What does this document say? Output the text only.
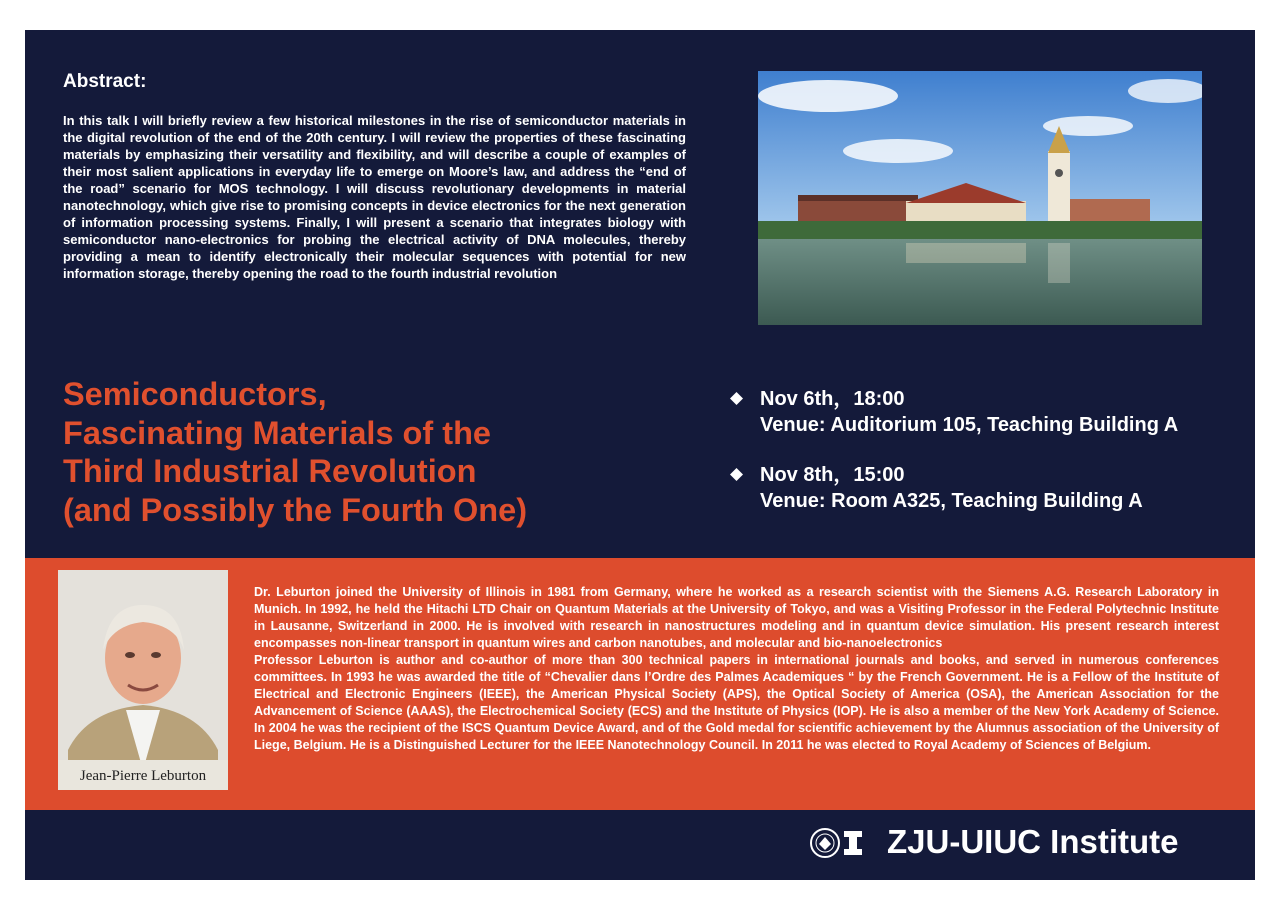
Abstract:

In this talk I will briefly review a few historical milestones in the rise of semiconductor materials in the digital revolution of the end of the 20th century. I will review the properties of these fascinating materials by emphasizing their versatility and flexibility, and will describe a couple of examples of their most salient applications in everyday life to emerge on Moore’s law, and address the “end of the road” scenario for MOS technology. I will discuss revolutionary developments in material nanotechnology, which give rise to promising concepts in device electronics for the next generation of information processing systems. Finally, I will present a scenario that integrates biology with semiconductor nano-electronics for probing the electrical activity of DNA molecules, thereby providing a mean to identify electronically their molecular sequences with potential for new information storage, thereby opening the road to the fourth industrial revolution

Semiconductors,
Fascinating Materials of the
Third Industrial Revolution
(and Possibly the Fourth One)
Nov 6th，18:00
Venue: Auditorium 105, Teaching Building A
Nov 8th，15:00
Venue: Room A325, Teaching Building A
Jean-Pierre Leburton

Dr. Leburton joined the University of Illinois in 1981 from Germany, where he worked as a research scientist with the Siemens A.G. Research Laboratory in Munich. In 1992, he held the Hitachi LTD Chair on Quantum Materials at the University of Tokyo, and was a Visiting Professor in the Federal Polytechnic Institute in Lausanne, Switzerland in 2000. He is involved with research in nanostructures modeling and in quantum device simulation. His present research interest encompasses non-linear transport in quantum wires and carbon nanotubes, and molecular and bio-nanoelectronics

Professor Leburton is author and co-author of more than 300 technical papers in international journals and books, and served in numerous conferences committees. In 1993 he was awarded the title of “Chevalier dans l’Ordre des Palmes Academiques “ by the French Government. He is a Fellow of the Institute of Electrical and Electronic Engineers (IEEE), the American Physical Society (APS), the Optical Society of America (OSA), the American Association for the Advancement of Science (AAAS), the Electrochemical Society (ECS) and the Institute of Physics (IOP). He is also a member of the New York Academy of Science. In 2004 he was the recipient of the ISCS Quantum Device Award, and of the Gold medal for scientific achievement by the Alumnus association of the University of Liege, Belgium. He is a Distinguished Lecturer for the IEEE Nanotechnology Council. In 2011 he was elected to Royal Academy of Sciences of Belgium.

ZJU-UIUC Institute
